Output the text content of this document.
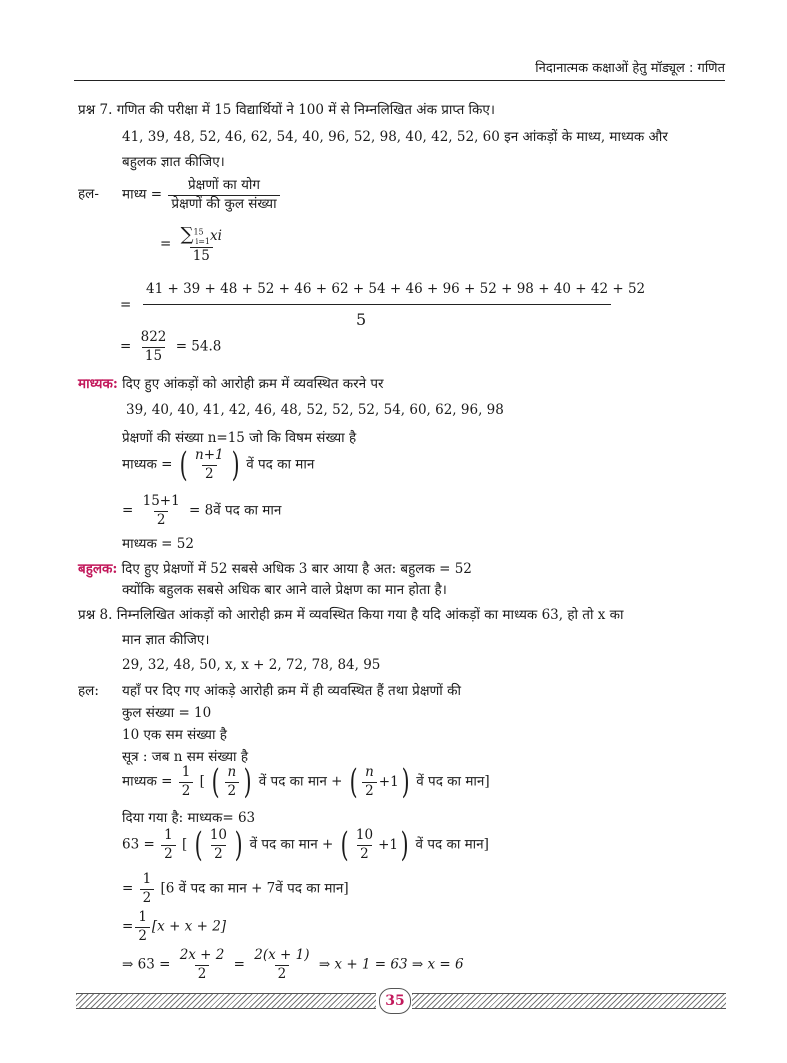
निदानात्मक कक्षाओं हेतु मॉड्यूल : गणित
प्रश्न 7. गणित की परीक्षा में 15 विद्यार्थियों ने 100 में से निम्नलिखित अंक प्राप्त किए।
41, 39, 48, 52, 46, 62, 54, 40, 96, 52, 98, 40, 42, 52, 60 इन आंकड़ों के माध्य, माध्यक और
बहुलक ज्ञात कीजिए।
हल- माध्य = $\frac{\text{प्रेक्षणों का योग}}{\text{प्रेक्षणों की कुल संख्या}}$
= $\frac{\sum^{15}_{i=1}xi}{15}$
=
41 + 39 + 48 + 52 + 46 + 62 + 54 + 46 + 96 + 52 + 98 + 40 + 42 + 52
5
= $\frac{822}{15} = 54.8$
माध्यक: दिए हुए आंकड़ों को आरोही क्रम में व्यवस्थित करने पर
39, 40, 40, 41, 42, 46, 48, 52, 52, 52, 54, 60, 62, 96, 98
प्रेक्षणों की संख्या n=15 जो कि विषम संख्या है
माध्यक = ( $\frac{n+1}{2}$ ) वें पद का मान
= $\frac{15+1}{2}$ = 8वें पद का मान
माध्यक = 52
बहुलक: दिए हुए प्रेक्षणों में 52 सबसे अधिक 3 बार आया है अत: बहुलक = 52
क्योंकि बहुलक सबसे अधिक बार आने वाले प्रेक्षण का मान होता है।
प्रश्न 8. निम्नलिखित आंकड़ों को आरोही क्रम में व्यवस्थित किया गया है यदि आंकड़ों का माध्यक 63, हो तो x का
मान ज्ञात कीजिए।
29, 32, 48, 50, x, x + 2, 72, 78, 84, 95
हल: यहाँ पर दिए गए आंकड़े आरोही क्रम में ही व्यवस्थित हैं तथा प्रेक्षणों की
कुल संख्या = 10
10 एक सम संख्या है
सूत्र : जब n सम संख्या है
माध्यक = $\frac{1}{2}$ [ ( $\frac{n}{2}$ ) वें पद का मान + ( $\frac{n}{2} +1$ ) वें पद का मान]
दिया गया है: माध्यक= 63
$63 = \frac{1}{2}$ [ ( $\frac{10}{2}$ ) वें पद का मान + ( $\frac{10}{2} +1$ ) वें पद का मान]
= $\frac{1}{2} [6$ वें पद का मान + 7वें पद का मान]
= $\frac{1}{2} [x + x + 2]$
⇒ $63 = \frac{2x + 2}{2} = \frac{2(x + 1)}{2}$ ⇒ x + 1 = 63 ⇒ x = 6
35
